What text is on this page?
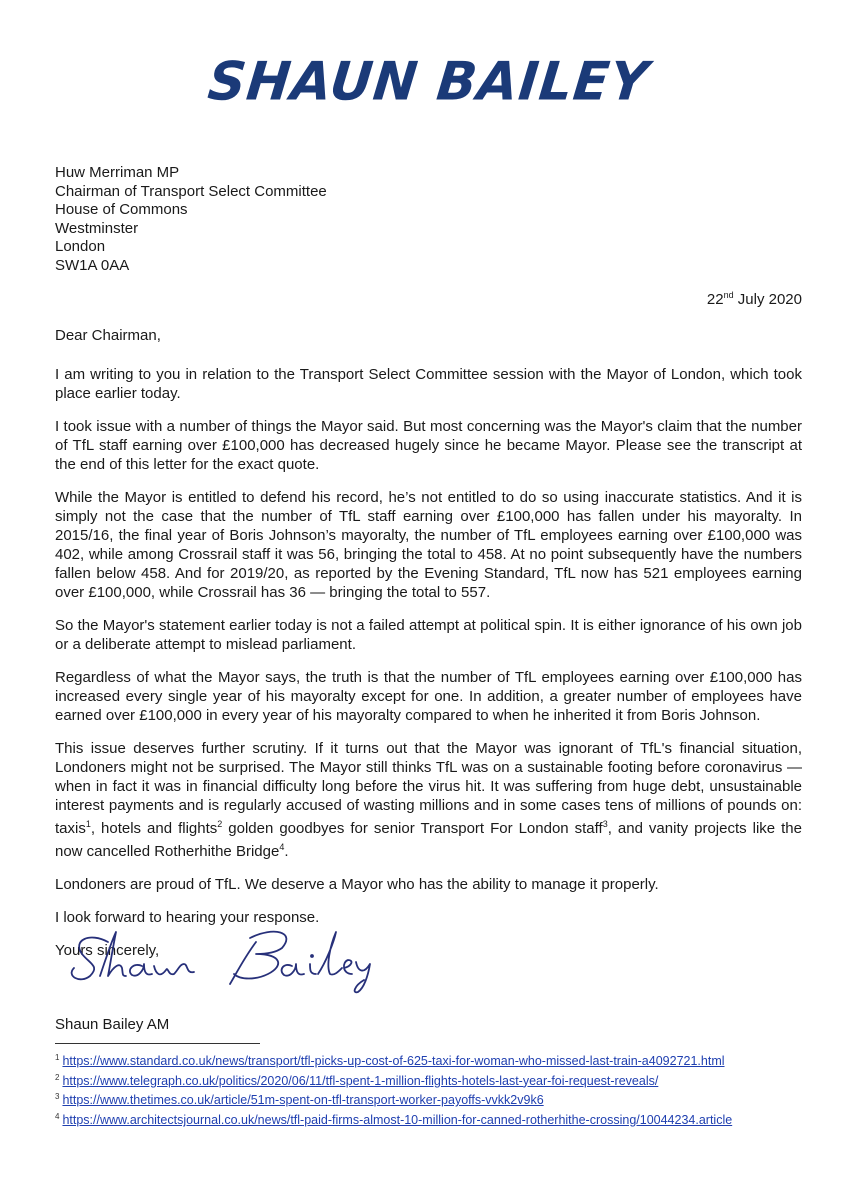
SHAUN BAILEY
Huw Merriman MP
Chairman of Transport Select Committee
House of Commons
Westminster
London
SW1A 0AA
22nd July 2020

Dear Chairman,

I am writing to you in relation to the Transport Select Committee session with the Mayor of London, which took place earlier today.

I took issue with a number of things the Mayor said. But most concerning was the Mayor's claim that the number of TfL staff earning over £100,000 has decreased hugely since he became Mayor. Please see the transcript at the end of this letter for the exact quote.

While the Mayor is entitled to defend his record, he’s not entitled to do so using inaccurate statistics. And it is simply not the case that the number of TfL staff earning over £100,000 has fallen under his mayoralty. In 2015/16, the final year of Boris Johnson’s mayoralty, the number of TfL employees earning over £100,000 was 402, while among Crossrail staff it was 56, bringing the total to 458. At no point subsequently have the numbers fallen below 458. And for 2019/20, as reported by the Evening Standard, TfL now has 521 employees earning over £100,000, while Crossrail has 36 — bringing the total to 557.

So the Mayor's statement earlier today is not a failed attempt at political spin. It is either ignorance of his own job or a deliberate attempt to mislead parliament.

Regardless of what the Mayor says, the truth is that the number of TfL employees earning over £100,000 has increased every single year of his mayoralty except for one. In addition, a greater number of employees have earned over £100,000 in every year of his mayoralty compared to when he inherited it from Boris Johnson.

This issue deserves further scrutiny. If it turns out that the Mayor was ignorant of TfL's financial situation, Londoners might not be surprised. The Mayor still thinks TfL was on a sustainable footing before coronavirus — when in fact it was in financial difficulty long before the virus hit. It was suffering from huge debt, unsustainable interest payments and is regularly accused of wasting millions and in some cases tens of millions of pounds on: taxis$^1$, hotels and flights$^2$ golden goodbyes for senior Transport For London staff$^3$, and vanity projects like the now cancelled Rotherhithe Bridge$^4$.

Londoners are proud of TfL. We deserve a Mayor who has the ability to manage it properly.

I look forward to hearing your response.

Yours sincerely,

Shaun Bailey AM

$^1$ https://www.standard.co.uk/news/transport/tfl-picks-up-cost-of-625-taxi-for-woman-who-missed-last-train-a4092721.html

$^2$ https://www.telegraph.co.uk/politics/2020/06/11/tfl-spent-1-million-flights-hotels-last-year-foi-request-reveals/

$^3$ https://www.thetimes.co.uk/article/51m-spent-on-tfl-transport-worker-payoffs-vvkk2v9k6

$^4$ https://www.architectsjournal.co.uk/news/tfl-paid-firms-almost-10-million-for-canned-rotherhithe-crossing/10044234.article
